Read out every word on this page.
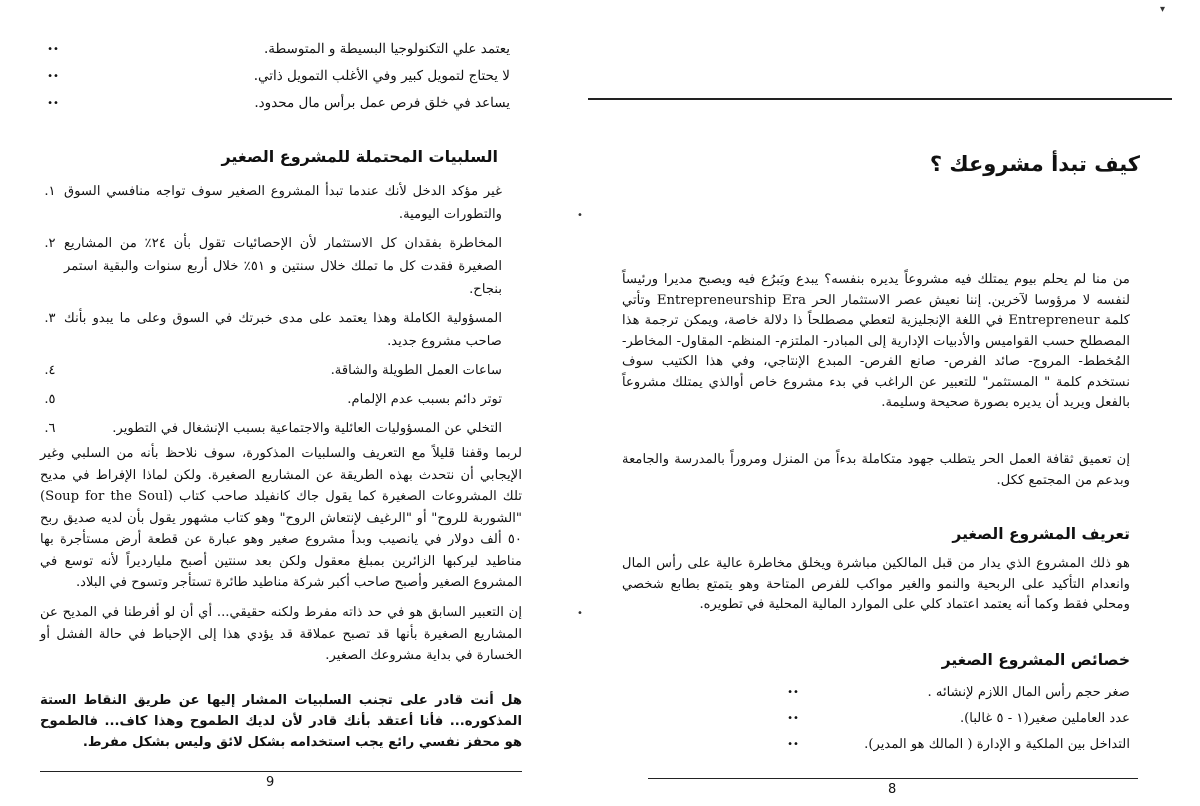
••	يعتمد علي التكنولوجيا البسيطة و المتوسطة.
••	لا يحتاج لتمويل كبير وفي الأغلب التمويل ذاتي.
••	يساعد في خلق فرص عمل برأس مال محدود.
السلبيات المحتملة للمشروع الصغير
١. غير مؤكد الدخل لأنك عندما تبدأ المشروع الصغير سوف تواجه منافسي السوق والتطورات اليومية.
٢. المخاطرة بفقدان كل الاستثمار لأن الإحصائيات تقول بأن ٢٤٪ من المشاريع الصغيرة فقدت كل ما تملك خلال سنتين و ٥١٪ خلال أربع سنوات والبقية استمر بنجاح.
٣. المسؤولية الكاملة وهذا يعتمد على مدى خبرتك في السوق وعلى ما يبدو بأنك صاحب مشروع جديد.
٤.	ساعات العمل الطويلة والشاقة.
٥.	توتر دائم بسبب عدم الإلمام.
٦.	التخلي عن المسؤوليات العائلية والاجتماعية بسبب الإنشغال في التطوير.

لربما وقفنا قليلاً مع التعريف والسلبيات المذكورة، سوف نلاحظ بأنه من السلبي وغير الإيجابي أن نتحدث بهذه الطريقة عن المشاريع الصغيرة. ولكن لماذا الإفراط في مديح تلك المشروعات الصغيرة كما يقول جاك كانفيلد صاحب كتاب (Soup for the Soul) "الشوربة للروح" أو "الرغيف لإنتعاش الروح" وهو كتاب مشهور يقول بأن لديه صديق ربح ٥٠ ألف دولار في يانصيب وبدأ مشروع صغير وهو عبارة عن قطعة أرض مستأجرة بها مناطيد ليركبها الزائرين بمبلغ معقول ولكن بعد سنتين أصبح مليارديراً لأنه توسع في المشروع الصغير وأصبح صاحب أكبر شركة مناطيد طائرة تستأجر وتسوح في البلاد.

إن التعبير السابق هو في حد ذاته مفرط ولكنه حقيقي... أي أن لو أفرطنا في المديح عن المشاريع الصغيرة بأنها قد تصبح عملاقة قد يؤدي هذا إلى الإحباط في حالة الفشل أو الخسارة في بداية مشروعك الصغير.

هل أنت قادر على تجنب السلبيات المشار إليها عن طريق النقاط الستة المذكوره... فأنا أعتقد بأنك قادر لأن لديك الطموح وهذا كاف... فالطموح هو محفز نفسي رائع يجب استخدامه بشكل لائق وليس بشكل مفرط.

9
كيف تبدأ مشروعك ؟

من منا لم يحلم بيوم يمتلك فيه مشروعاً يديره بنفسه؟ يبدع ويَبرُع فيه ويصبح مديرا ورئيساً لنفسه لا مرؤوسا لآخرين. إننا نعيش عصر الاستثمار الحر Entrepreneurship Era وتأتي كلمة Entrepreneur في اللغة الإنجليزية لتعطي مصطلحاً ذا دلالة خاصة، ويمكن ترجمة هذا المصطلح حسب القواميس والأدبيات الإدارية إلى المبادر- الملتزم- المنظم- المقاول- المخاطر- المُخطط- المروج- صائد الفرص- صانع الفرص- المبدع الإنتاجي، وفي هذا الكتيب سوف نستخدم كلمة " المستثمر" للتعبير عن الراغب في بدء مشروع خاص أوالذي يمتلك مشروعاً بالفعل ويريد أن يديره بصورة صحيحة وسليمة.

إن تعميق ثقافة العمل الحر يتطلب جهود متكاملة بدءاً من المنزل ومروراً بالمدرسة والجامعة وبدعم من المجتمع ككل.

تعريف المشروع الصغير

هو ذلك المشروع الذي يدار من قبل المالكين مباشرة ويخلق مخاطرة عالية على رأس المال وانعدام التأكيد على الربحية والنمو والغير مواكب للفرص المتاحة وهو يتمتع بطابع شخصي ومحلي فقط وكما أنه يعتمد اعتماد كلي على الموارد المالية المحلية في تطويره.

خصائص المشروع الصغير
••	صغر حجم رأس المال اللازم لإنشائه .
••	عدد العاملين صغير(١ - ٥ غالبا).
••	التداخل بين الملكية و الإدارة ( المالك هو المدير).
8
▾
•
•
